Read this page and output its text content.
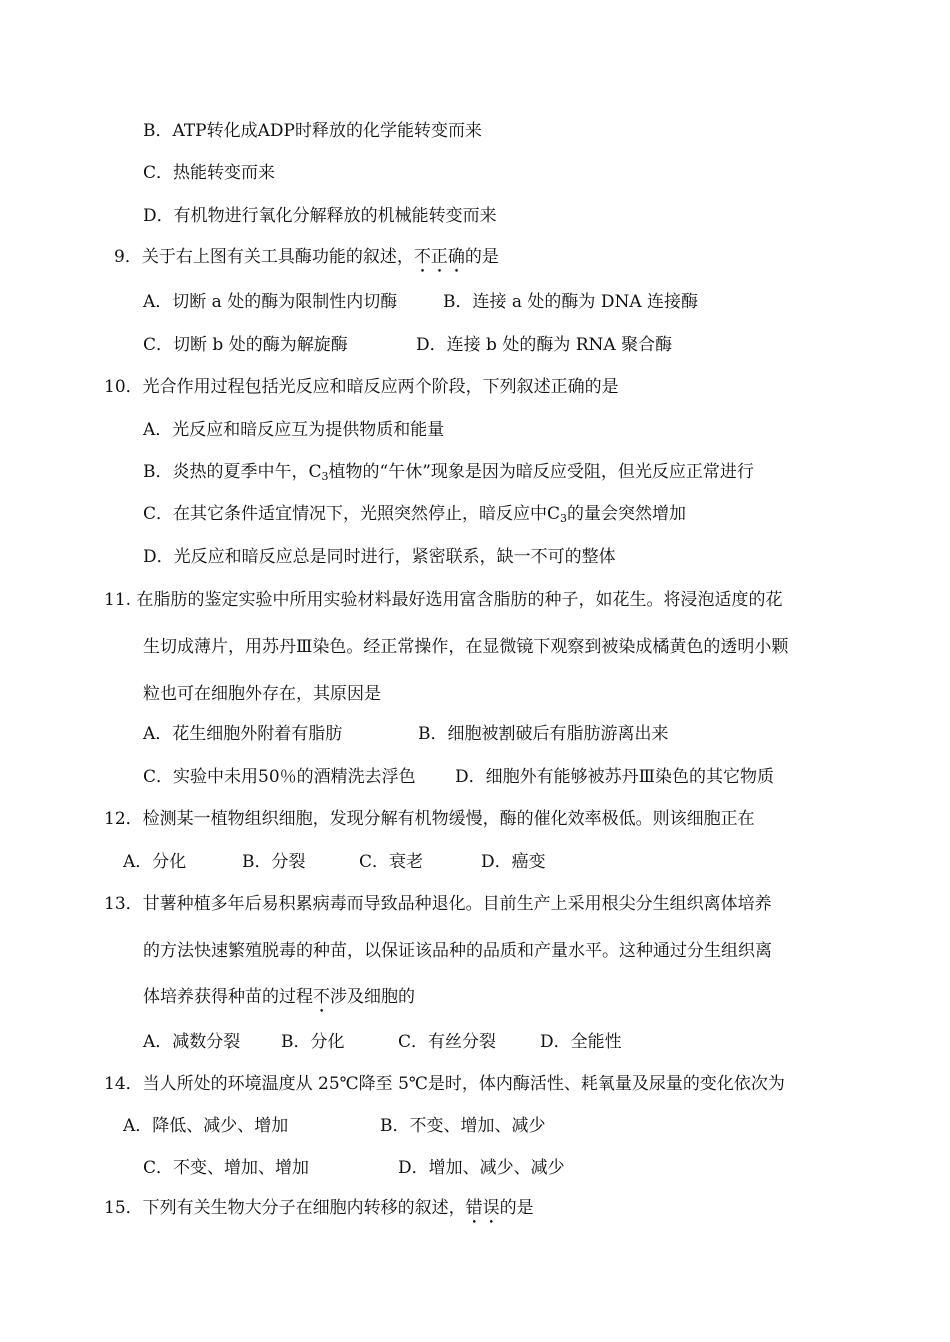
B．ATP转化成ADP时释放的化学能转变而来
C．热能转变而来
D．有机物进行氧化分解释放的机械能转变而来
9．关于右上图有关工具酶功能的叙述，不正确的是
A．切断 a 处的酶为限制性内切酶	B．连接 a 处的酶为 DNA 连接酶
C．切断 b 处的酶为解旋酶	D．连接 b 处的酶为 RNA 聚合酶
10．光合作用过程包括光反应和暗反应两个阶段，下列叙述正确的是
A．光反应和暗反应互为提供物质和能量
B．炎热的夏季中午，$C_3$植物的“午休”现象是因为暗反应受阻，但光反应正常进行
C．在其它条件适宜情况下，光照突然停止，暗反应中$C_3$的量会突然增加
D．光反应和暗反应总是同时进行，紧密联系，缺一不可的整体
11. 在脂肪的鉴定实验中所用实验材料最好选用富含脂肪的种子，如花生。将浸泡适度的花
生切成薄片，用苏丹Ⅲ染色。经正常操作，在显微镜下观察到被染成橘黄色的透明小颗
粒也可在细胞外存在，其原因是
A．花生细胞外附着有脂肪	B．细胞被割破后有脂肪游离出来
C．实验中未用50％的酒精洗去浮色 D．细胞外有能够被苏丹Ⅲ染色的其它物质
12．检测某一植物组织细胞，发现分解有机物缓慢，酶的催化效率极低。则该细胞正在
A．分化	B．分裂	C．衰老	D．癌变
13．甘薯种植多年后易积累病毒而导致品种退化。目前生产上采用根尖分生组织离体培养
的方法快速繁殖脱毒的种苗，以保证该品种的品质和产量水平。这种通过分生组织离
体培养获得种苗的过程不涉及细胞的
A．减数分裂 B．分化	C．有丝分裂	D．全能性
14．当人所处的环境温度从 25℃降至 5℃是时，体内酶活性、耗氧量及尿量的变化依次为
A．降低、减少、增加	B．不变、增加、减少
C．不变、增加、增加	D．增加、减少、减少
15．下列有关生物大分子在细胞内转移的叙述，错误的是
